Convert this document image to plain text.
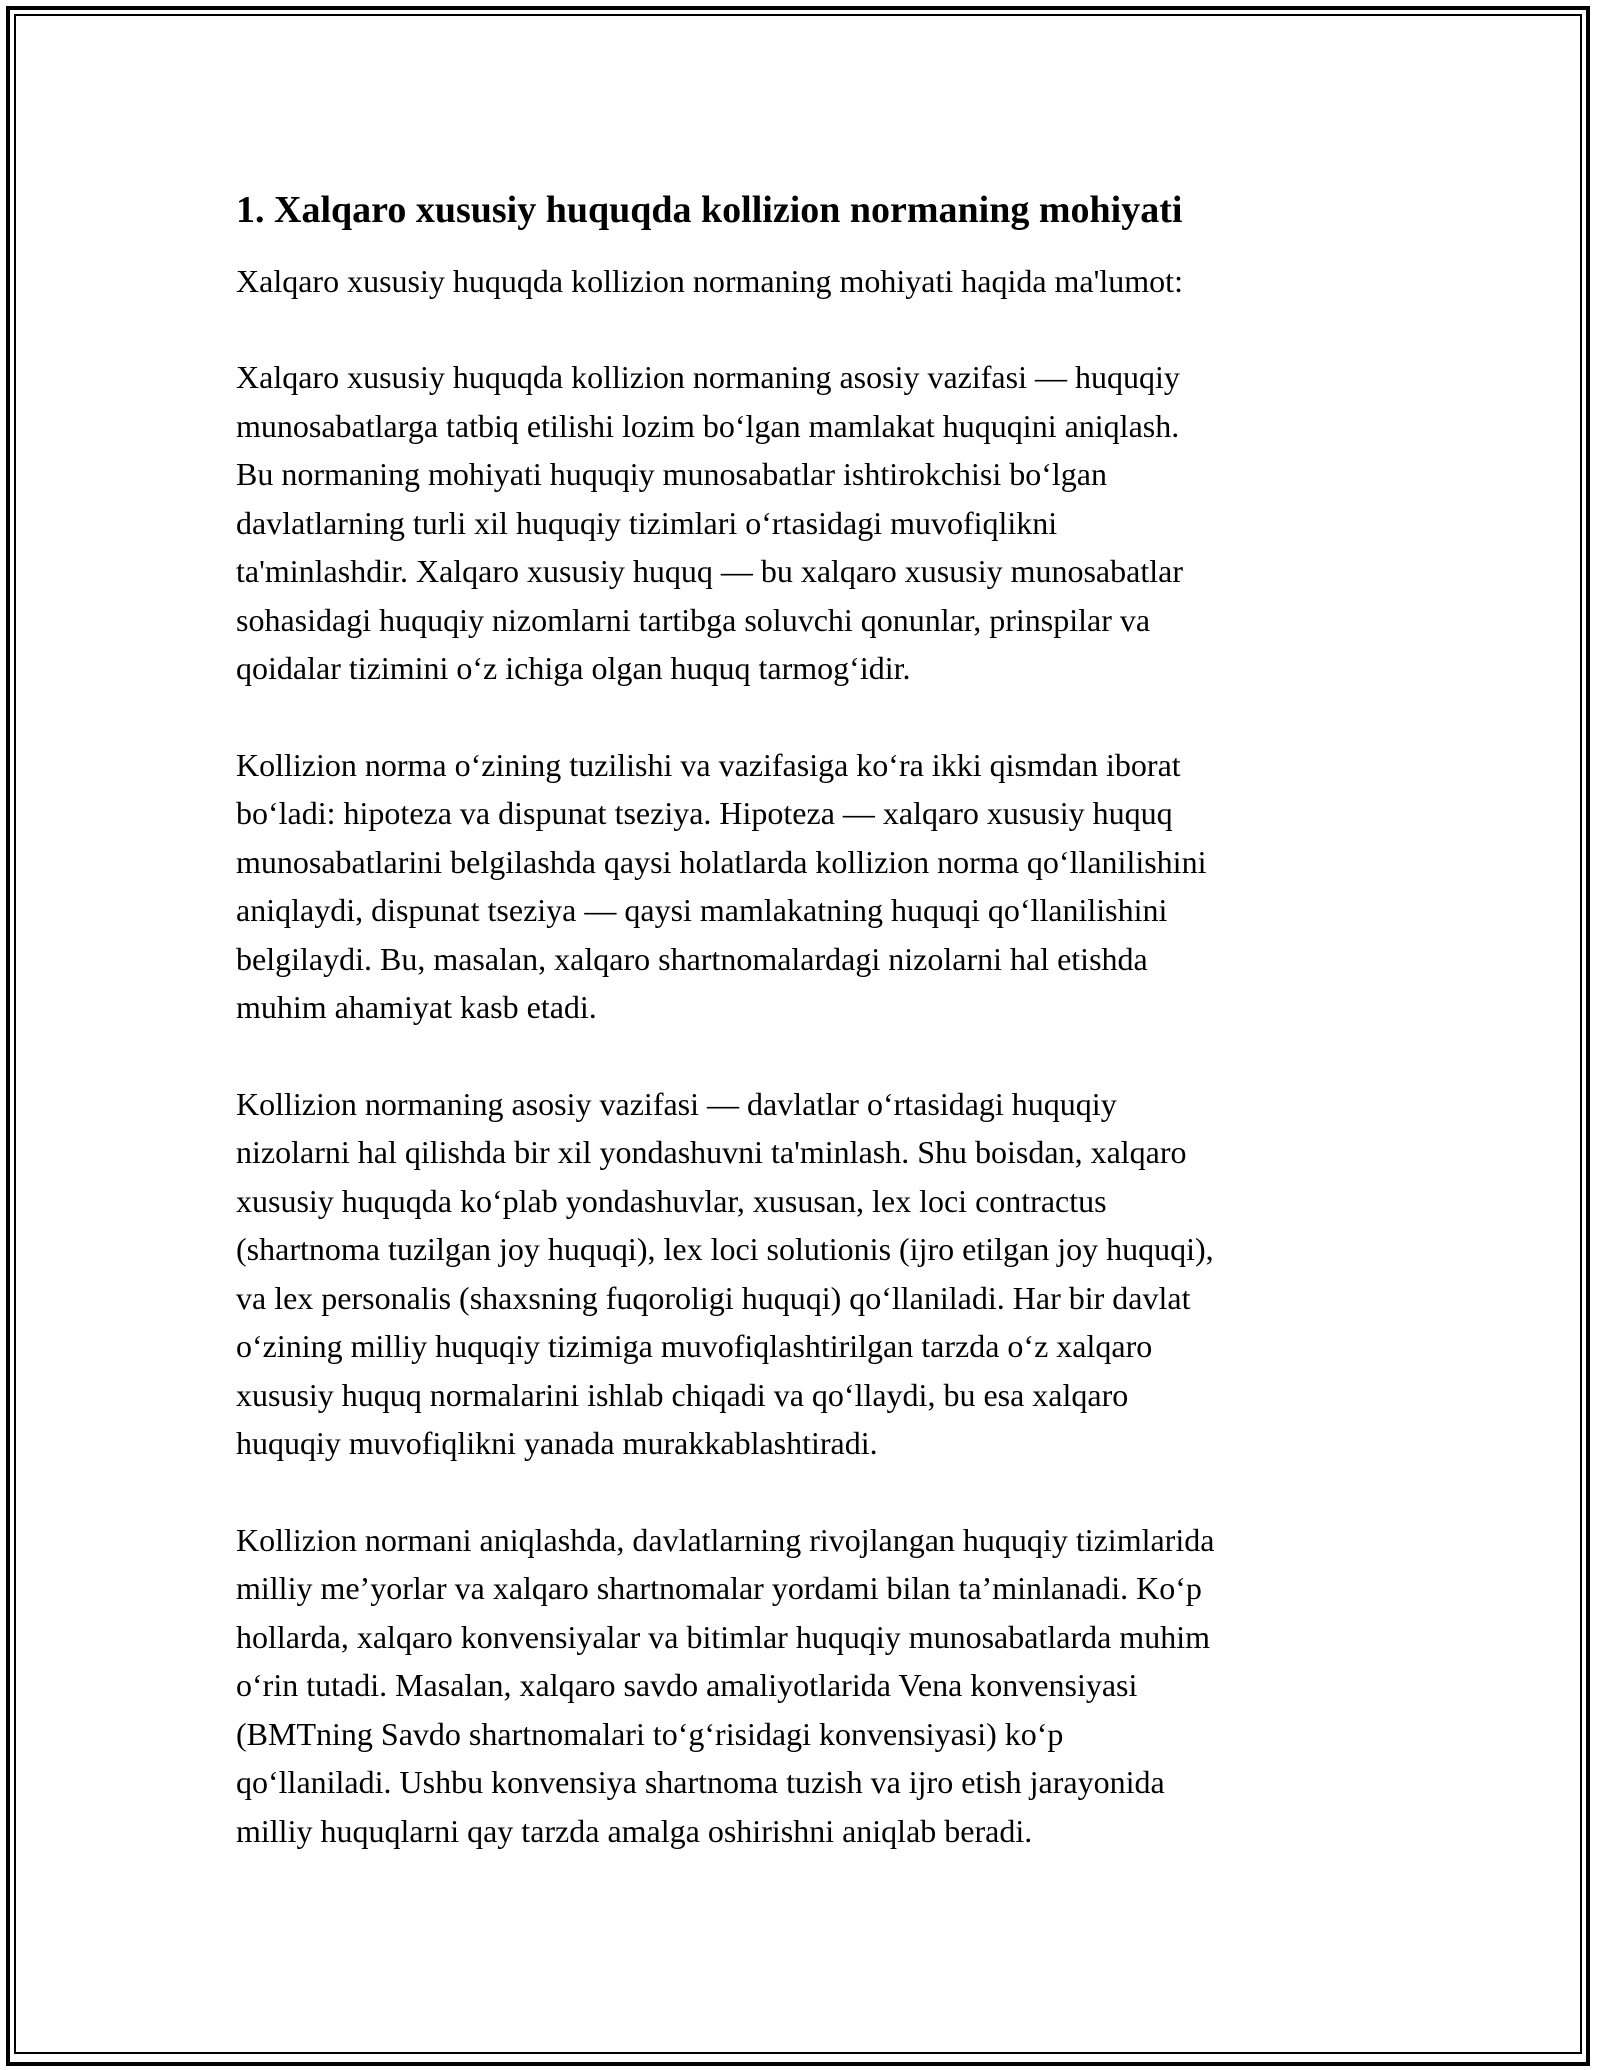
1. Xalqaro xususiy huquqda kollizion normaning mohiyati

Xalqaro xususiy huquqda kollizion normaning mohiyati haqida ma'lumot:

Xalqaro xususiy huquqda kollizion normaning asosiy vazifasi — huquqiy
munosabatlarga tatbiq etilishi lozim boʻlgan mamlakat huquqini aniqlash.
Bu normaning mohiyati huquqiy munosabatlar ishtirokchisi boʻlgan
davlatlarning turli xil huquqiy tizimlari oʻrtasidagi muvofiqlikni
ta'minlashdir. Xalqaro xususiy huquq — bu xalqaro xususiy munosabatlar
sohasidagi huquqiy nizomlarni tartibga soluvchi qonunlar, prinspilar va
qoidalar tizimini oʻz ichiga olgan huquq tarmogʻidir.
Kollizion norma oʻzining tuzilishi va vazifasiga koʻra ikki qismdan iborat
boʻladi: hipoteza va dispunat tseziya. Hipoteza — xalqaro xususiy huquq
munosabatlarini belgilashda qaysi holatlarda kollizion norma qoʻllanilishini
aniqlaydi, dispunat tseziya — qaysi mamlakatning huquqi qoʻllanilishini
belgilaydi. Bu, masalan, xalqaro shartnomalardagi nizolarni hal etishda
muhim ahamiyat kasb etadi.
Kollizion normaning asosiy vazifasi — davlatlar oʻrtasidagi huquqiy
nizolarni hal qilishda bir xil yondashuvni ta'minlash. Shu boisdan, xalqaro
xususiy huquqda koʻplab yondashuvlar, xususan, lex loci contractus
(shartnoma tuzilgan joy huquqi), lex loci solutionis (ijro etilgan joy huquqi),
va lex personalis (shaxsning fuqoroligi huquqi) qoʻllaniladi. Har bir davlat
oʻzining milliy huquqiy tizimiga muvofiqlashtirilgan tarzda oʻz xalqaro
xususiy huquq normalarini ishlab chiqadi va qoʻllaydi, bu esa xalqaro
huquqiy muvofiqlikni yanada murakkablashtiradi.
Kollizion normani aniqlashda, davlatlarning rivojlangan huquqiy tizimlarida
milliy me’yorlar va xalqaro shartnomalar yordami bilan ta’minlanadi. Koʻp
hollarda, xalqaro konvensiyalar va bitimlar huquqiy munosabatlarda muhim
oʻrin tutadi. Masalan, xalqaro savdo amaliyotlarida Vena konvensiyasi
(BMTning Savdo shartnomalari toʻgʻrisidagi konvensiyasi) koʻp
qoʻllaniladi. Ushbu konvensiya shartnoma tuzish va ijro etish jarayonida
milliy huquqlarni qay tarzda amalga oshirishni aniqlab beradi.
